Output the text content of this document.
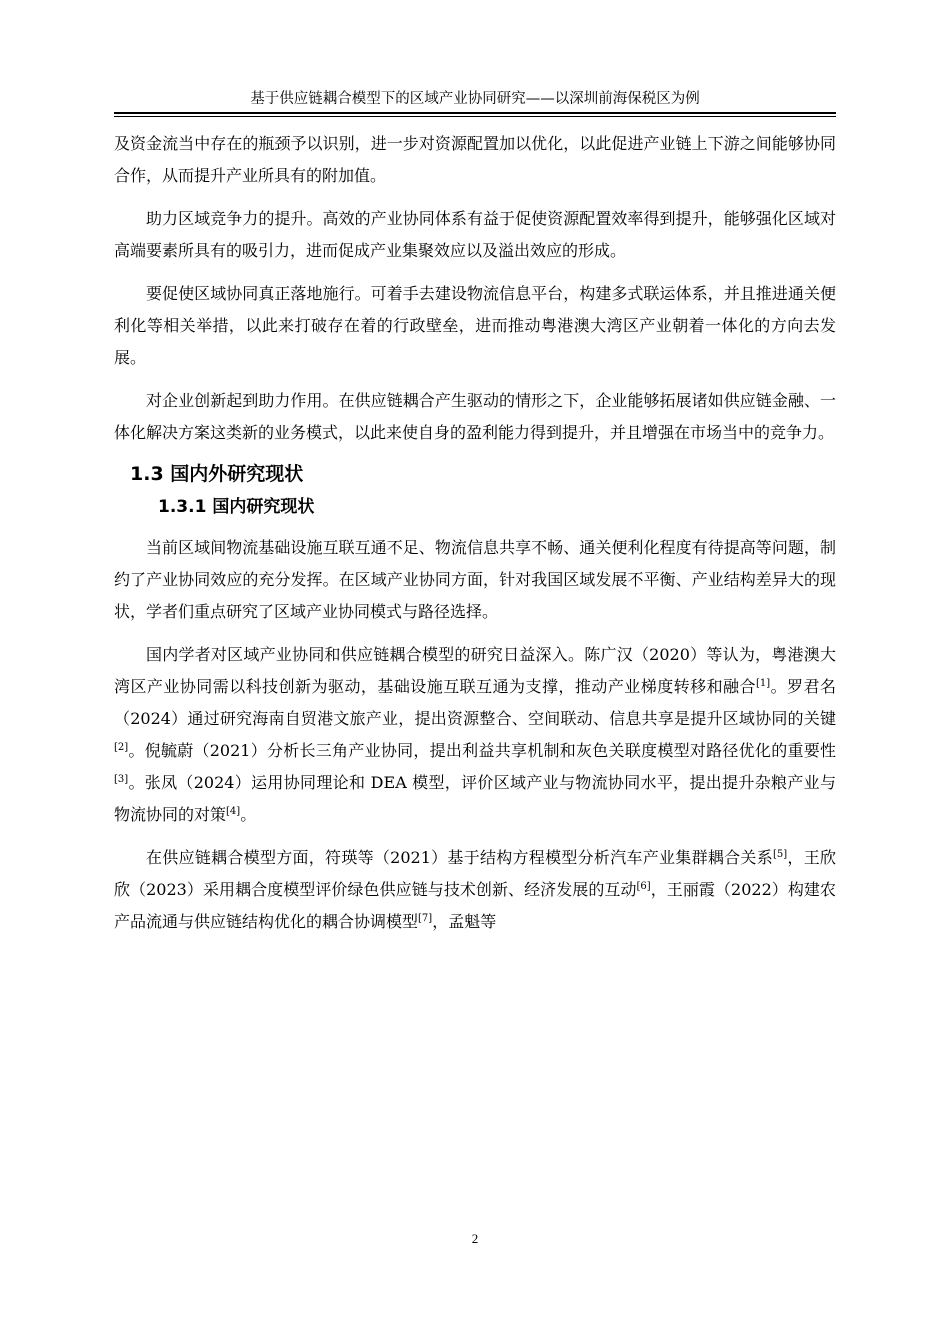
基于供应链耦合模型下的区域产业协同研究——以深圳前海保税区为例

及资金流当中存在的瓶颈予以识别，进一步对资源配置加以优化，以此促进产业链上下游之间能够协同合作，从而提升产业所具有的附加值。

助力区域竞争力的提升。高效的产业协同体系有益于促使资源配置效率得到提升，能够强化区域对高端要素所具有的吸引力，进而促成产业集聚效应以及溢出效应的形成。

要促使区域协同真正落地施行。可着手去建设物流信息平台，构建多式联运体系，并且推进通关便利化等相关举措，以此来打破存在着的行政壁垒，进而推动粤港澳大湾区产业朝着一体化的方向去发展。

对企业创新起到助力作用。在供应链耦合产生驱动的情形之下，企业能够拓展诸如供应链金融、一体化解决方案这类新的业务模式，以此来使自身的盈利能力得到提升，并且增强在市场当中的竞争力。

1.3 国内外研究现状
1.3.1 国内研究现状

当前区域间物流基础设施互联互通不足、物流信息共享不畅、通关便利化程度有待提高等问题，制约了产业协同效应的充分发挥。在区域产业协同方面，针对我国区域发展不平衡、产业结构差异大的现状，学者们重点研究了区域产业协同模式与路径选择。

国内学者对区域产业协同和供应链耦合模型的研究日益深入。陈广汉（2020）等认为，粤港澳大湾区产业协同需以科技创新为驱动，基础设施互联互通为支撑，推动产业梯度转移和融合[1]。罗君名（2024）通过研究海南自贸港文旅产业，提出资源整合、空间联动、信息共享是提升区域协同的关键[2]。倪毓蔚（2021）分析长三角产业协同，提出利益共享机制和灰色关联度模型对路径优化的重要性[3]。张凤（2024）运用协同理论和 DEA 模型，评价区域产业与物流协同水平，提出提升杂粮产业与物流协同的对策[4]。

在供应链耦合模型方面，符瑛等（2021）基于结构方程模型分析汽车产业集群耦合关系[5]，王欣欣（2023）采用耦合度模型评价绿色供应链与技术创新、经济发展的互动[6]，王丽霞（2022）构建农产品流通与供应链结构优化的耦合协调模型[7]，孟魁等

2
